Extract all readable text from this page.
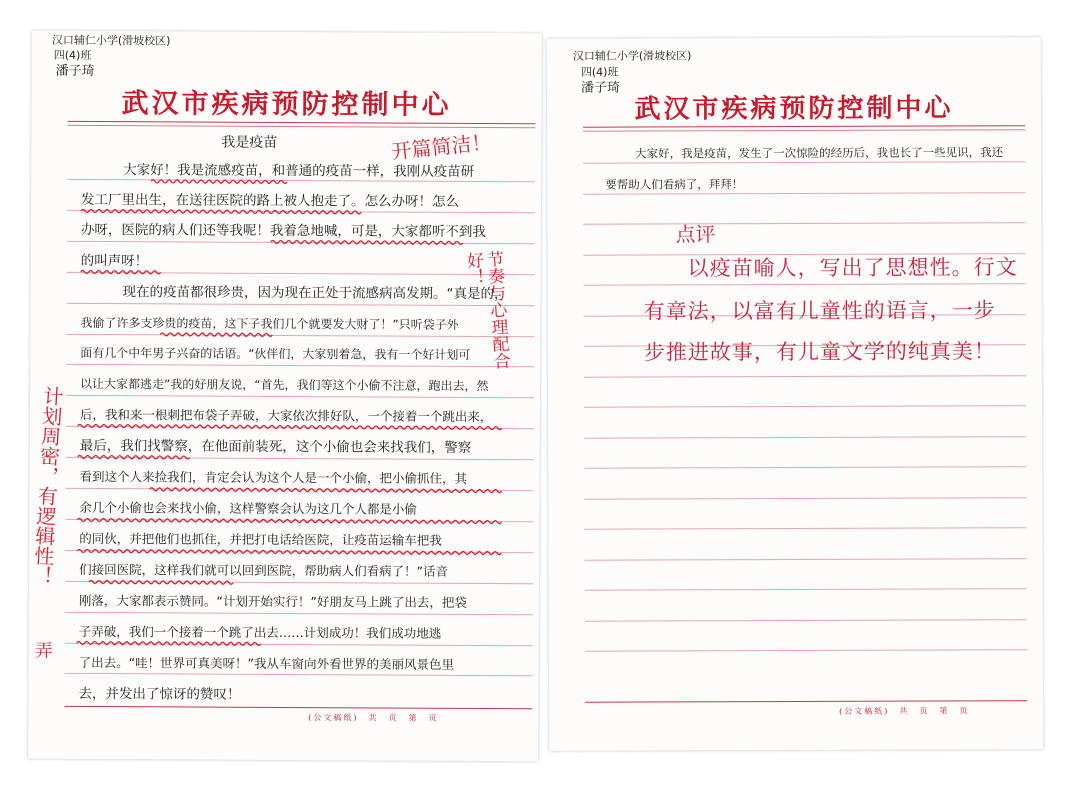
汉口辅仁小学(滑坡校区)
四(4)班
潘子琦
武汉市疾病预防控制中心
我是疫苗
大家好！我是流感疫苗，和普通的疫苗一样，我刚从疫苗研
发工厂里出生，在送往医院的路上被人抱走了。怎么办呀！怎么
办呀，医院的病人们还等我呢！我着急地喊，可是，大家都听不到我
的叫声呀！
现在的疫苗都很珍贵，因为现在正处于流感病高发期。“真是的，
我偷了许多支珍贵的疫苗，这下子我们几个就要发大财了！”只听袋子外
面有几个中年男子兴奋的话语。“伙伴们，大家别着急，我有一个好计划可
以让大家都逃走”我的好朋友说，“首先，我们等这个小偷不注意，跑出去，然
后，我和来一根刺把布袋子弄破，大家依次排好队，一个接着一个跳出来，
最后，我们找警察，在他面前装死，这个小偷也会来找我们，警察
看到这个人来捡我们，肯定会认为这个人是一个小偷，把小偷抓住，其
余几个小偷也会来找小偷，这样警察会认为这几个人都是小偷
的同伙，并把他们也抓住，并把打电话给医院，让疫苗运输车把我
们接回医院，这样我们就可以回到医院，帮助病人们看病了！”话音
刚落，大家都表示赞同。“计划开始实行！”好朋友马上跳了出去，把袋
子弄破，我们一个接着一个跳了出去……计划成功！我们成功地逃
了出去。“哇！世界可真美呀！”我从车窗向外看世界的美丽风景色里
去，并发出了惊讶的赞叹！
开篇简洁！
节奏与心理配合好！
计划周密，有逻辑性！
弄
(公文稿纸)　共　页　第　页
汉口辅仁小学(滑坡校区)
四(4)班
潘子琦
武汉市疾病预防控制中心
大家好，我是疫苗，发生了一次惊险的经历后，我也长了一些见识，我还
要帮助人们看病了，拜拜！
点评
以疫苗喻人，写出了思想性。行文
有章法，以富有儿童性的语言，一步
步推进故事，有儿童文学的纯真美！
(公文稿纸)　共　页　第　页
